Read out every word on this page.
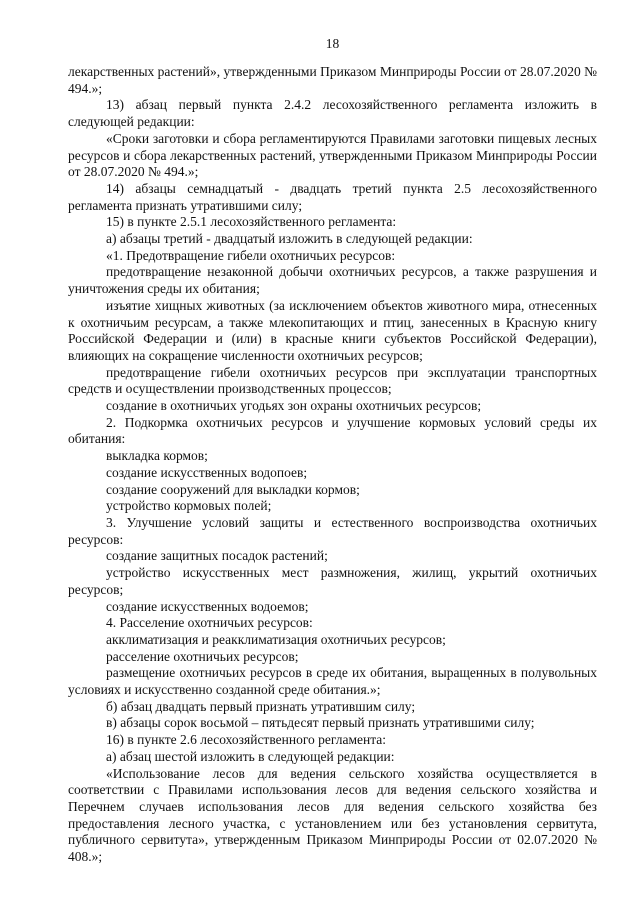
18

лекарственных растений», утвержденными Приказом Минприроды России от 28.07.2020 № 494.»;

13) абзац первый пункта 2.4.2 лесохозяйственного регламента изложить в следующей редакции:

«Сроки заготовки и сбора регламентируются Правилами заготовки пищевых лесных ресурсов и сбора лекарственных растений, утвержденными Приказом Минприроды России от 28.07.2020 № 494.»;

14) абзацы семнадцатый - двадцать третий пункта 2.5 лесохозяйственного регламента признать утратившими силу;

15) в пункте 2.5.1 лесохозяйственного регламента:

а) абзацы третий - двадцатый изложить в следующей редакции:

«1. Предотвращение гибели охотничьих ресурсов:

предотвращение незаконной добычи охотничьих ресурсов, а также разрушения и уничтожения среды их обитания;

изъятие хищных животных (за исключением объектов животного мира, отнесенных к охотничьим ресурсам, а также млекопитающих и птиц, занесенных в Красную книгу Российской Федерации и (или) в красные книги субъектов Российской Федерации), влияющих на сокращение численности охотничьих ресурсов;

предотвращение гибели охотничьих ресурсов при эксплуатации транспортных средств и осуществлении производственных процессов;

создание в охотничьих угодьях зон охраны охотничьих ресурсов;

2. Подкормка охотничьих ресурсов и улучшение кормовых условий среды их обитания:

выкладка кормов;

создание искусственных водопоев;

создание сооружений для выкладки кормов;

устройство кормовых полей;

3. Улучшение условий защиты и естественного воспроизводства охотничьих ресурсов:

создание защитных посадок растений;

устройство искусственных мест размножения, жилищ, укрытий охотничьих ресурсов;

создание искусственных водоемов;

4. Расселение охотничьих ресурсов:

акклиматизация и реакклиматизация охотничьих ресурсов;

расселение охотничьих ресурсов;

размещение охотничьих ресурсов в среде их обитания, выращенных в полувольных условиях и искусственно созданной среде обитания.»;

б) абзац двадцать первый признать утратившим силу;

в) абзацы сорок восьмой – пятьдесят первый признать утратившими силу;

16) в пункте 2.6 лесохозяйственного регламента:

а) абзац шестой изложить в следующей редакции:

«Использование лесов для ведения сельского хозяйства осуществляется в соответствии с Правилами использования лесов для ведения сельского хозяйства и Перечнем случаев использования лесов для ведения сельского хозяйства без предоставления лесного участка, с установлением или без установления сервитута, публичного сервитута», утвержденным Приказом Минприроды России от 02.07.2020 № 408.»;
